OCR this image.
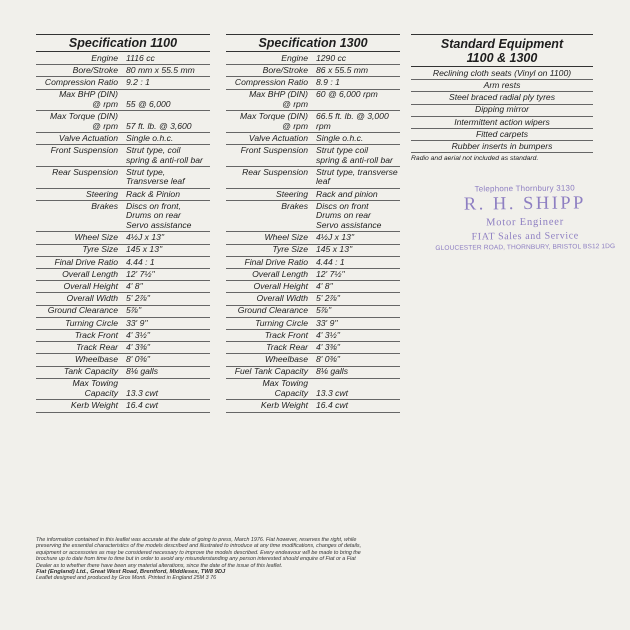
Specification 1100
Engine 1116 cc
Bore/Stroke 80 mm x 55.5 mm
Compression Ratio 9.2 : 1
Max BHP (DIN)
@ rpm 55 @ 6,000
Max Torque (DIN)
@ rpm 57 ft. lb. @ 3,600
Valve Actuation Single o.h.c.
Front Suspension Strut type, coil
spring & anti-roll bar
Rear Suspension Strut type,
Transverse leaf
Steering Rack & Pinion
Brakes Discs on front,
Drums on rear
Servo assistance
Wheel Size 4½J x 13''
Tyre Size 145 x 13''
Final Drive Ratio 4.44 : 1
Overall Length 12' 7½''
Overall Height 4' 8''
Overall Width 5' 2⅞''
Ground Clearance 5⅞''
Turning Circle 33' 9''
Track Front 4' 3½''
Track Rear 4' 3⅜''
Wheelbase 8' 0⅜''
Tank Capacity 8⅛ galls
Max Towing
Capacity 13.3 cwt
Kerb Weight 16.4 cwt
Specification 1300
Engine 1290 cc
Bore/Stroke 86 x 55.5 mm
Compression Ratio 8.9 : 1
Max BHP (DIN)
@ rpm
60 @ 6,000 rpm
Max Torque (DIN)
@ rpm
66.5 ft. lb. @ 3,000
rpm
Valve Actuation Single o.h.c.
Front Suspension Strut type coil
spring & anti-roll bar
Rear Suspension Strut type, transverse
leaf
Steering Rack and pinion
Brakes Discs on front
Drums on rear
Servo assistance
Wheel Size 4½J x 13''
Tyre Size 145 x 13''
Final Drive Ratio 4.44 : 1
Overall Length 12' 7½''
Overall Height 4' 8''
Overall Width 5' 2⅞''
Ground Clearance 5⅞''
Turning Circle 33' 9''
Track Front 4' 3½''
Track Rear 4' 3⅜''
Wheelbase 8' 0⅜''
Fuel Tank Capacity 8⅛ galls
Max Towing
Capacity 13.3 cwt
Kerb Weight 16.4 cwt
Standard Equipment
1100 & 1300
Reclining cloth seats (Vinyl on 1100)
Arm rests
Steel braced radial ply tyres
Dipping mirror
Intermittent action wipers
Fitted carpets
Rubber inserts in bumpers
Radio and aerial not included as standard.
Telephone Thornbury 3130
R. H. SHIPP
Motor Engineer
FIAT Sales and Service
GLOUCESTER ROAD, THORNBURY, BRISTOL BS12 1DG

The information contained in this leaflet was accurate at the date of going to press, March 1976. Fiat however, reserves the right, while preserving the essential characteristics of the models described and illustrated to introduce at any time modifications, changes of details, equipment or accessories as may be considered necessary to improve the models described. Every endeavour will be made to bring the brochure up to date from time to time but in order to avoid any misunderstanding any person interested should enquire of Fiat or a Fiat Dealer as to whether there have been any material alterations, since the date of the issue of this leaflet.

Fiat (England) Ltd., Great West Road, Brentford, Middlesex, TW8 9DJ

Leaflet designed and produced by Gros Monti. Printed in England 25M 3 76
